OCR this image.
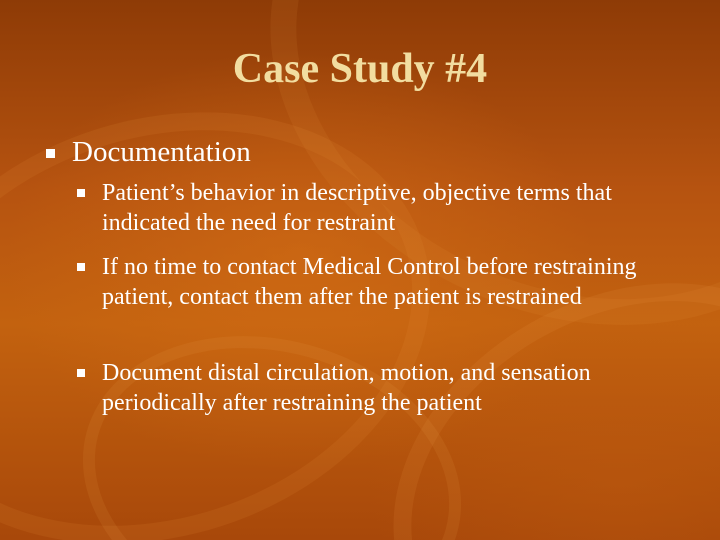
Case Study #4

Documentation

Patient’s behavior in descriptive, objective terms that indicated the need for restraint

If no time to contact Medical Control before restraining patient, contact them after the patient is restrained

Document distal circulation, motion, and sensation periodically after restraining the patient
